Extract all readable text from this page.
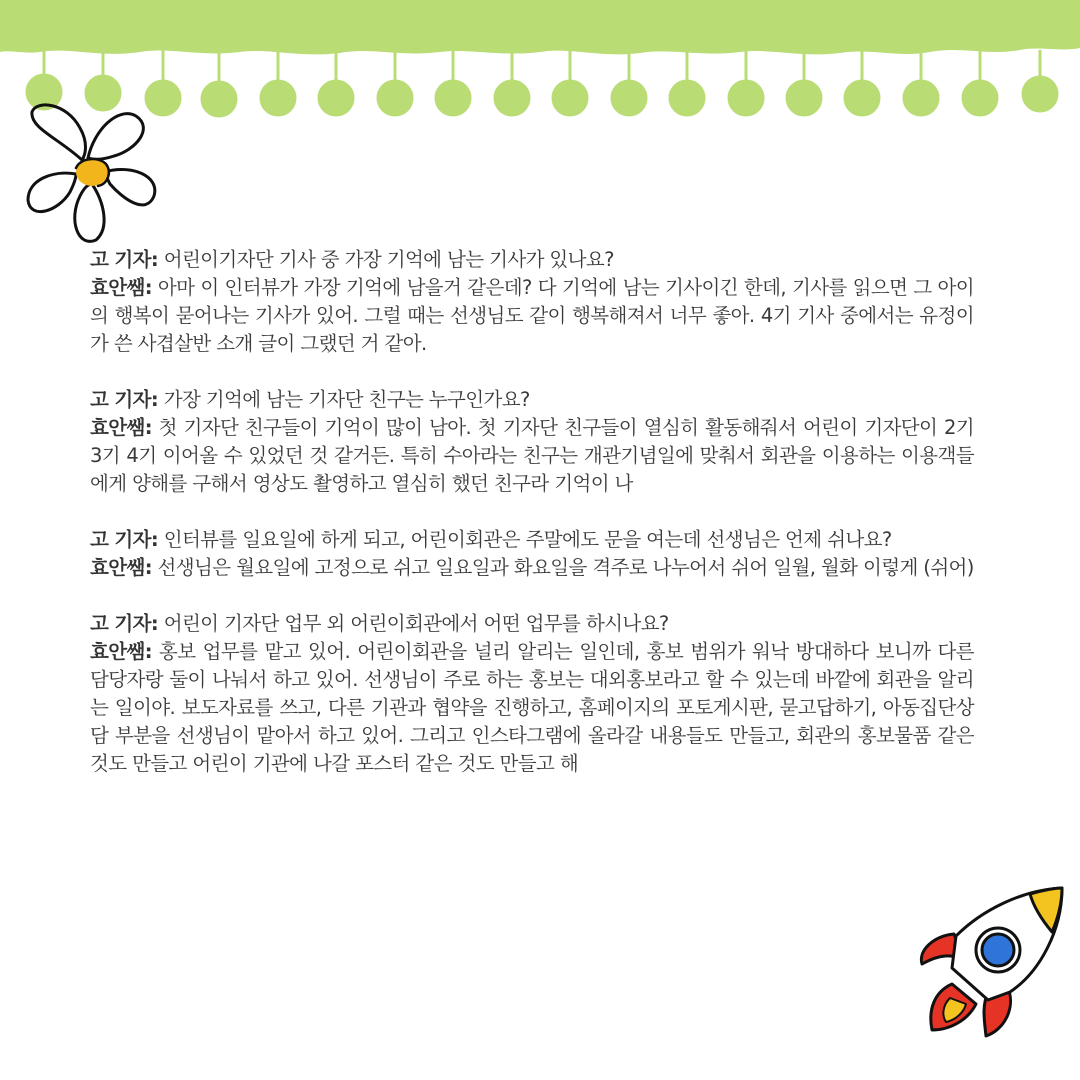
고 기자: 어린이기자단 기사 중 가장 기억에 남는 기사가 있나요?

효안쌤: 아마 이 인터뷰가 가장 기억에 남을거 같은데? 다 기억에 남는 기사이긴 한데, 기사를 읽으면 그 아이의 행복이 묻어나는 기사가 있어. 그럴 때는 선생님도 같이 행복해져서 너무 좋아. 4기 기사 중에서는 유정이가 쓴 사겹살반 소개 글이 그랬던 거 같아.

고 기자: 가장 기억에 남는 기자단 친구는 누구인가요?

효안쌤: 첫 기자단 친구들이 기억이 많이 남아. 첫 기자단 친구들이 열심히 활동해줘서 어린이 기자단이 2기 3기 4기 이어올 수 있었던 것 같거든. 특히 수아라는 친구는 개관기념일에 맞춰서 회관을 이용하는 이용객들에게 양해를 구해서 영상도 촬영하고 열심히 했던 친구라 기억이 나

고 기자: 인터뷰를 일요일에 하게 되고, 어린이회관은 주말에도 문을 여는데 선생님은 언제 쉬나요?

효안쌤: 선생님은 월요일에 고정으로 쉬고 일요일과 화요일을 격주로 나누어서 쉬어 일월, 월화 이렇게 (쉬어)

고 기자: 어린이 기자단 업무 외 어린이회관에서 어떤 업무를 하시나요?

효안쌤: 홍보 업무를 맡고 있어. 어린이회관을 널리 알리는 일인데, 홍보 범위가 워낙 방대하다 보니까 다른 담당자랑 둘이 나눠서 하고 있어. 선생님이 주로 하는 홍보는 대외홍보라고 할 수 있는데 바깥에 회관을 알리는 일이야. 보도자료를 쓰고, 다른 기관과 협약을 진행하고, 홈페이지의 포토게시판, 묻고답하기, 아동집단상담 부분을 선생님이 맡아서 하고 있어. 그리고 인스타그램에 올라갈 내용들도 만들고, 회관의 홍보물품 같은 것도 만들고 어린이 기관에 나갈 포스터 같은 것도 만들고 해
